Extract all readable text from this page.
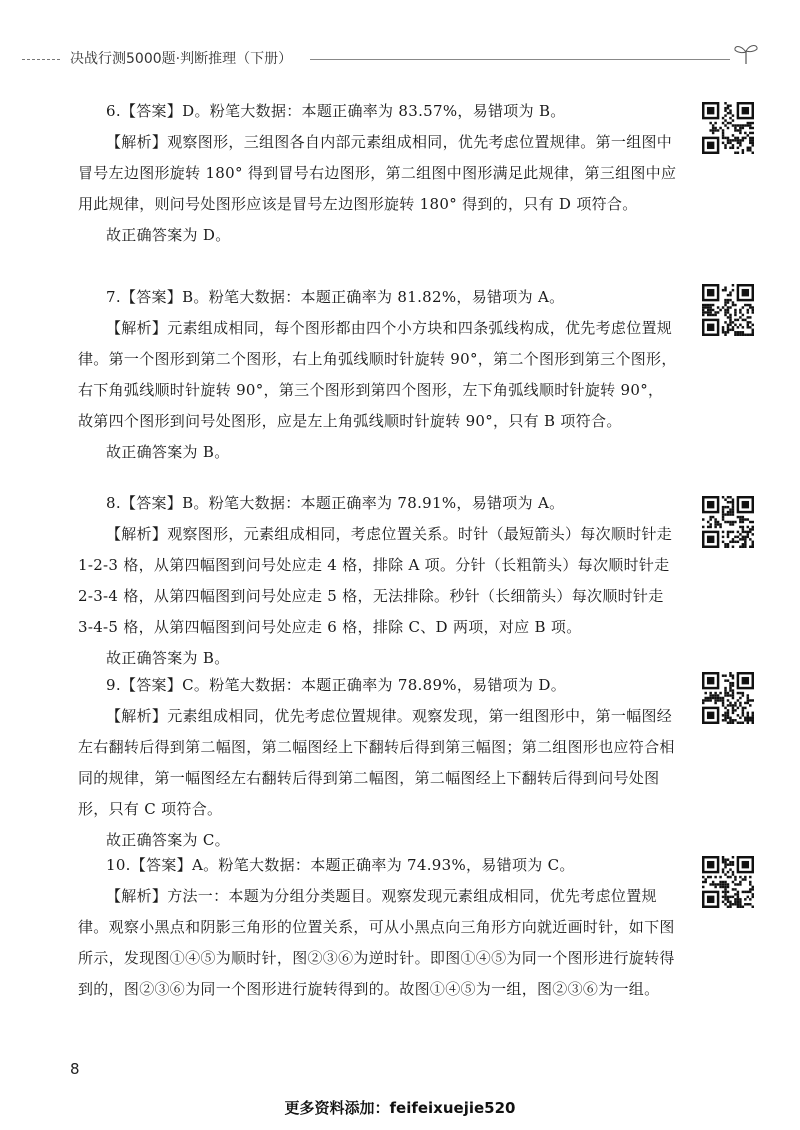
决战行测5000题·判断推理（下册）

6.【答案】D。粉笔大数据：本题正确率为 83.57%，易错项为 B。

【解析】观察图形，三组图各自内部元素组成相同，优先考虑位置规律。第一组图中冒号左边图形旋转 180° 得到冒号右边图形，第二组图中图形满足此规律，第三组图中应用此规律，则问号处图形应该是冒号左边图形旋转 180° 得到的，只有 D 项符合。

故正确答案为 D。

7.【答案】B。粉笔大数据：本题正确率为 81.82%，易错项为 A。

【解析】元素组成相同，每个图形都由四个小方块和四条弧线构成，优先考虑位置规律。第一个图形到第二个图形，右上角弧线顺时针旋转 90°，第二个图形到第三个图形，右下角弧线顺时针旋转 90°，第三个图形到第四个图形，左下角弧线顺时针旋转 90°，故第四个图形到问号处图形，应是左上角弧线顺时针旋转 90°，只有 B 项符合。

故正确答案为 B。

8.【答案】B。粉笔大数据：本题正确率为 78.91%，易错项为 A。

【解析】观察图形，元素组成相同，考虑位置关系。时针（最短箭头）每次顺时针走 1-2-3 格，从第四幅图到问号处应走 4 格，排除 A 项。分针（长粗箭头）每次顺时针走 2-3-4 格，从第四幅图到问号处应走 5 格，无法排除。秒针（长细箭头）每次顺时针走 3-4-5 格，从第四幅图到问号处应走 6 格，排除 C、D 两项，对应 B 项。

故正确答案为 B。

9.【答案】C。粉笔大数据：本题正确率为 78.89%，易错项为 D。

【解析】元素组成相同，优先考虑位置规律。观察发现，第一组图形中，第一幅图经左右翻转后得到第二幅图，第二幅图经上下翻转后得到第三幅图；第二组图形也应符合相同的规律，第一幅图经左右翻转后得到第二幅图，第二幅图经上下翻转后得到问号处图形，只有 C 项符合。

故正确答案为 C。

10.【答案】A。粉笔大数据：本题正确率为 74.93%，易错项为 C。

【解析】方法一：本题为分组分类题目。观察发现元素组成相同，优先考虑位置规律。观察小黑点和阴影三角形的位置关系，可从小黑点向三角形方向就近画时针，如下图所示，发现图①④⑤为顺时针，图②③⑥为逆时针。即图①④⑤为同一个图形进行旋转得到的，图②③⑥为同一个图形进行旋转得到的。故图①④⑤为一组，图②③⑥为一组。

8
更多资料添加：feifeixuejie520
